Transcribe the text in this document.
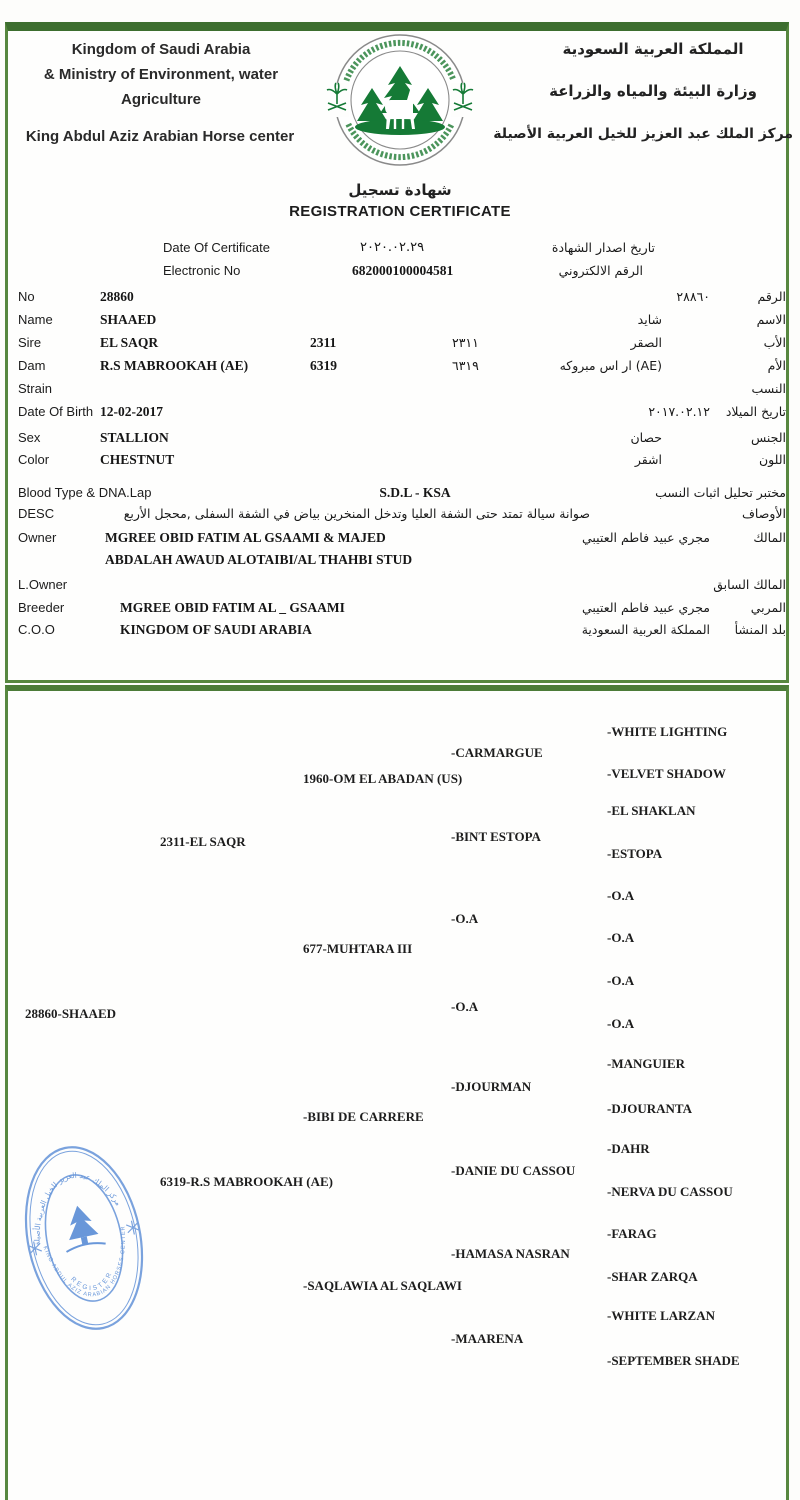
Kingdom of Saudi Arabia
& Ministry of Environment, water
Agriculture
King Abdul Aziz Arabian Horse center
المملكة العربية السعودية
وزارة البيئة والمياه والزراعة
مركز الملك عبد العزيز للخيل العربية الأصيلة
شهادة تسجيل
REGISTRATION CERTIFICATE
Date Of Certificate	٢٠٢٠.٠٢.٢٩	تاريخ اصدار الشهادة
Electronic No	682000100004581	الرقم الالكتروني
No	28860	٢٨٨٦٠	الرقم
Name	SHAAED	شايد	الاسم
Sire	EL SAQR	2311	٢٣١١	الصقر	الأب
Dam	R.S MABROOKAH (AE)	6319	٦٣١٩	(AE) ار اس مبروكه	الأم
Strain	النسب
Date Of Birth 12-02-2017	٢٠١٧.٠٢.١٢	تاريخ الميلاد
Sex	STALLION	حصان	الجنس
Color	CHESTNUT	اشقر	اللون
Blood Type & DNA.Lap	S.D.L - KSA	مختبر تحليل اثبات النسب
DESC	صوانة سيالة تمتد حتى الشفة العليا وتدخل المنخرين بياض في الشفة السفلى ,محجل الأربع	الأوصاف
Owner	MGREE OBID FATIM AL GSAAMI & MAJED	مجري عبيد فاطم العتيبي	المالك
ABDALAH AWAUD ALOTAIBI/AL THAHBI STUD
L.Owner	المالك السابق
Breeder	MGREE OBID FATIM AL _ GSAAMI	مجري عبيد فاطم العتيبي	المربي
C.O.O	KINGDOM OF SAUDI ARABIA	المملكة العربية السعودية	بلد المنشأ
28860-SHAAED
2311-EL SAQR
6319-R.S MABROOKAH (AE)
1960-OM EL ABADAN (US)
677-MUHTARA III
-BIBI DE CARRERE
-SAQLAWIA AL SAQLAWI
-CARMARGUE
-BINT ESTOPA
-O.A
-O.A
-DJOURMAN
-DANIE DU CASSOU
-HAMASA NASRAN
-MAARENA
-WHITE LIGHTING
-VELVET SHADOW
-EL SHAKLAN
-ESTOPA
-O.A
-O.A
-O.A
-O.A
-MANGUIER
-DJOURANTA
-DAHR
-NERVA DU CASSOU
-FARAG
-SHAR ZARQA
-WHITE LARZAN
-SEPTEMBER SHADE
مركز الملك عبد العزيز للخيل العربية الأصيلة
KING ABDUL AZIZ ARABIAN HORSES CENTER
REGISTER
